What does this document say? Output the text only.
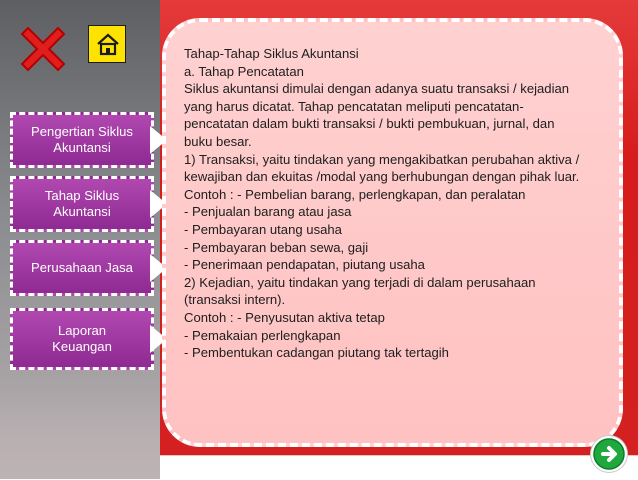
Pengertian Siklus
Akuntansi
Tahap Siklus
Akuntansi
Perusahaan Jasa
Laporan
Keuangan
Tahap-Tahap Siklus Akuntansi
a. Tahap Pencatatan
Siklus akuntansi dimulai dengan adanya suatu transaksi / kejadian
yang harus dicatat. Tahap pencatatan meliputi pencatatan-
pencatatan dalam bukti transaksi / bukti pembukuan, jurnal, dan
buku besar.
1) Transaksi, yaitu tindakan yang mengakibatkan perubahan aktiva /
kewajiban dan ekuitas /modal yang berhubungan dengan pihak luar.
Contoh : - Pembelian barang, perlengkapan, dan peralatan
- Penjualan barang atau jasa
- Pembayaran utang usaha
- Pembayaran beban sewa, gaji
- Penerimaan pendapatan, piutang usaha
2) Kejadian, yaitu tindakan yang terjadi di dalam perusahaan
(transaksi intern).
Contoh : - Penyusutan aktiva tetap
- Pemakaian perlengkapan
- Pembentukan cadangan piutang tak tertagih
